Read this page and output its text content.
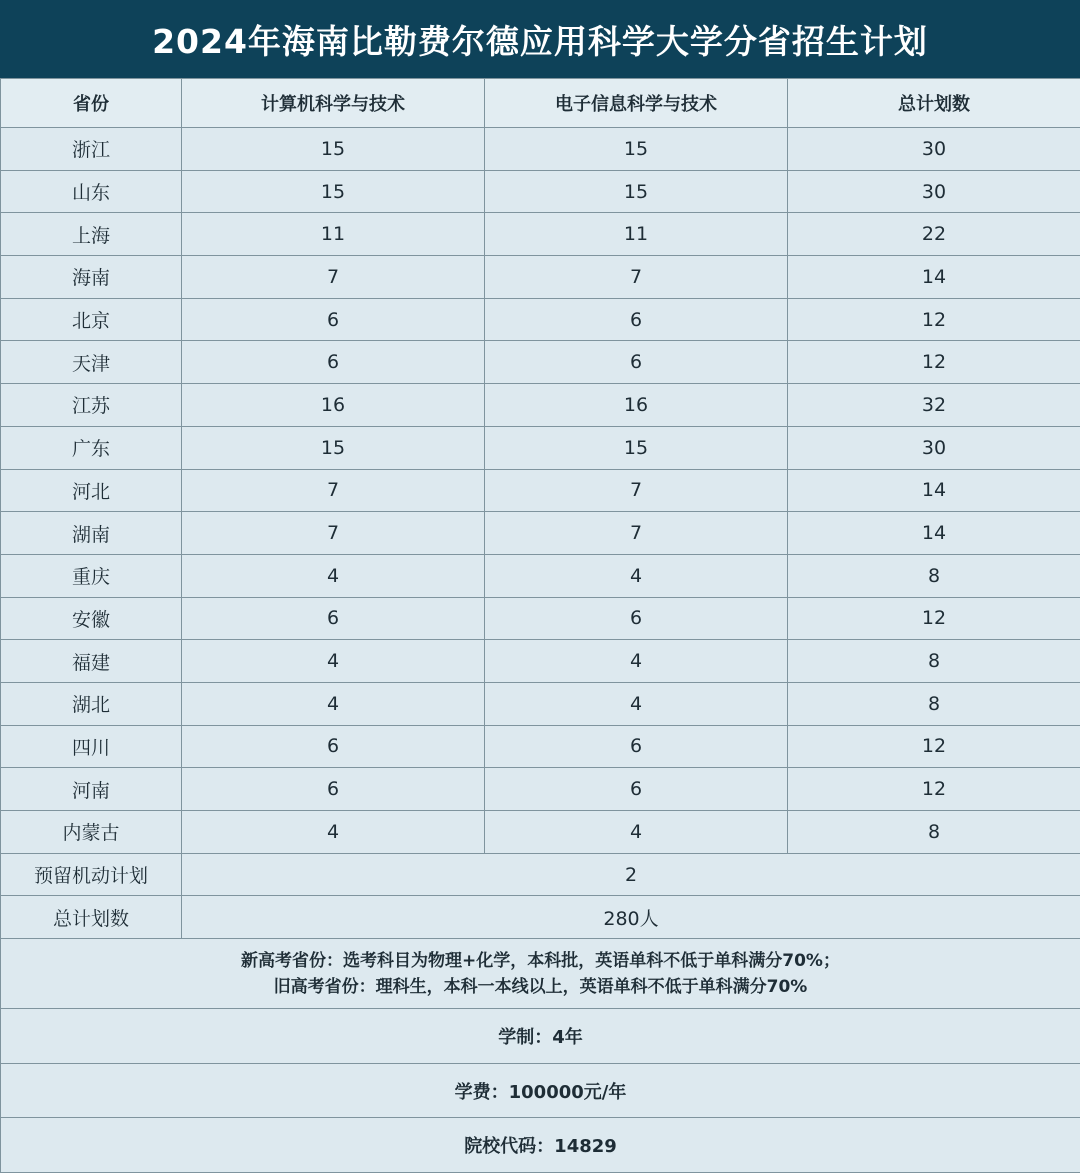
2024年海南比勒费尔德应用科学大学分省招生计划
省份	计算机科学与技术	电子信息科学与技术	总计划数
浙江	15	15	30
山东	15	15	30
上海	11	11	22
海南	7	7	14
北京	6	6	12
天津	6	6	12
江苏	16	16	32
广东	15	15	30
河北	7	7	14
湖南	7	7	14
重庆	4	4	8
安徽	6	6	12
福建	4	4	8
湖北	4	4	8
四川	6	6	12
河南	6	6	12
内蒙古	4	4	8
预留机动计划	2		
总计划数	280人		

新高考省份：选考科目为物理+化学，本科批，英语单科不低于单科满分70%；
旧高考省份：理科生，本科一本线以上，英语单科不低于单科满分70%			

学制：4年			
学费：100000元/年			
院校代码：14829			
